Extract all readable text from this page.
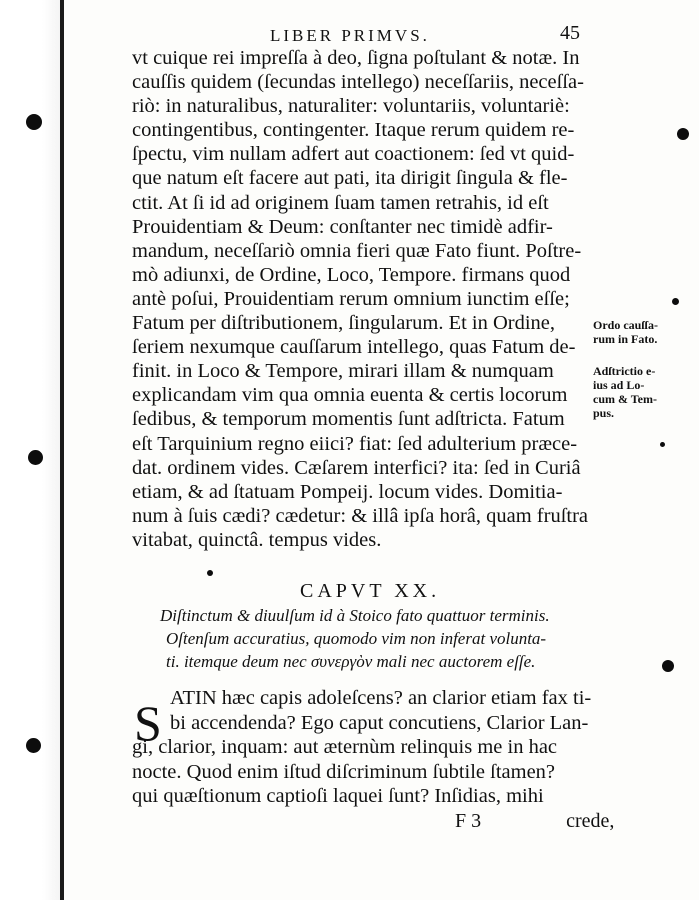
LIBER PRIMVS.	45
vt cuique rei impreſſa à deo, ſigna poſtulant & notæ. In
cauſſis quidem (ſecundas intellego) neceſſariis, neceſſa-
riò: in naturalibus, naturaliter: voluntariis, voluntariè:
contingentibus, contingenter. Itaque rerum quidem re-
ſpectu, vim nullam adfert aut coactionem: ſed vt quid-
que natum eſt facere aut pati, ita dirigit ſingula & fle-
ctit. At ſi id ad originem ſuam tamen retrahis, id eſt
Prouidentiam & Deum: conſtanter nec timidè adfir-
mandum, neceſſariò omnia fieri quæ Fato fiunt. Poſtre-
mò adiunxi, de Ordine, Loco, Tempore. firmans quod
antè poſui, Prouidentiam rerum omnium iunctim eſſe;
Fatum per diſtributionem, ſingularum. Et in Ordine,
ſeriem nexumque cauſſarum intellego, quas Fatum de-
finit. in Loco & Tempore, mirari illam & numquam
explicandam vim qua omnia euenta & certis locorum
ſedibus, & temporum momentis ſunt adſtricta. Fatum
eſt Tarquinium regno eiici? fiat: ſed adulterium præce-
dat. ordinem vides. Cæſarem interfici? ita: ſed in Curiâ
etiam, & ad ſtatuam Pompeij. locum vides. Domitia-
num à ſuis cædi? cædetur: & illâ ipſa horâ, quam fruſtra
vitabat, quinctâ. tempus vides.
Ordo cauſſa-
rum in Fato.
Adſtrictio e-
ius ad Lo-
cum & Tem-
pus.
CAPVT XX.
Diſtinctum & diuulſum id à Stoico fato quattuor terminis.
Oſtenſum accuratius, quomodo vim non inferat volunta-
ti. itemque deum nec συνεργὸν mali nec auctorem eſſe.
S ATIN hæc capis adoleſcens? an clarior etiam fax ti-
bi accendenda? Ego caput concutiens, Clarior Lan-
gi, clarior, inquam: aut æternùm relinquis me in hac
nocte. Quod enim iſtud diſcriminum ſubtile ſtamen?
qui quæſtionum captioſi laquei ſunt? Inſidias, mihi
F 3	crede,
